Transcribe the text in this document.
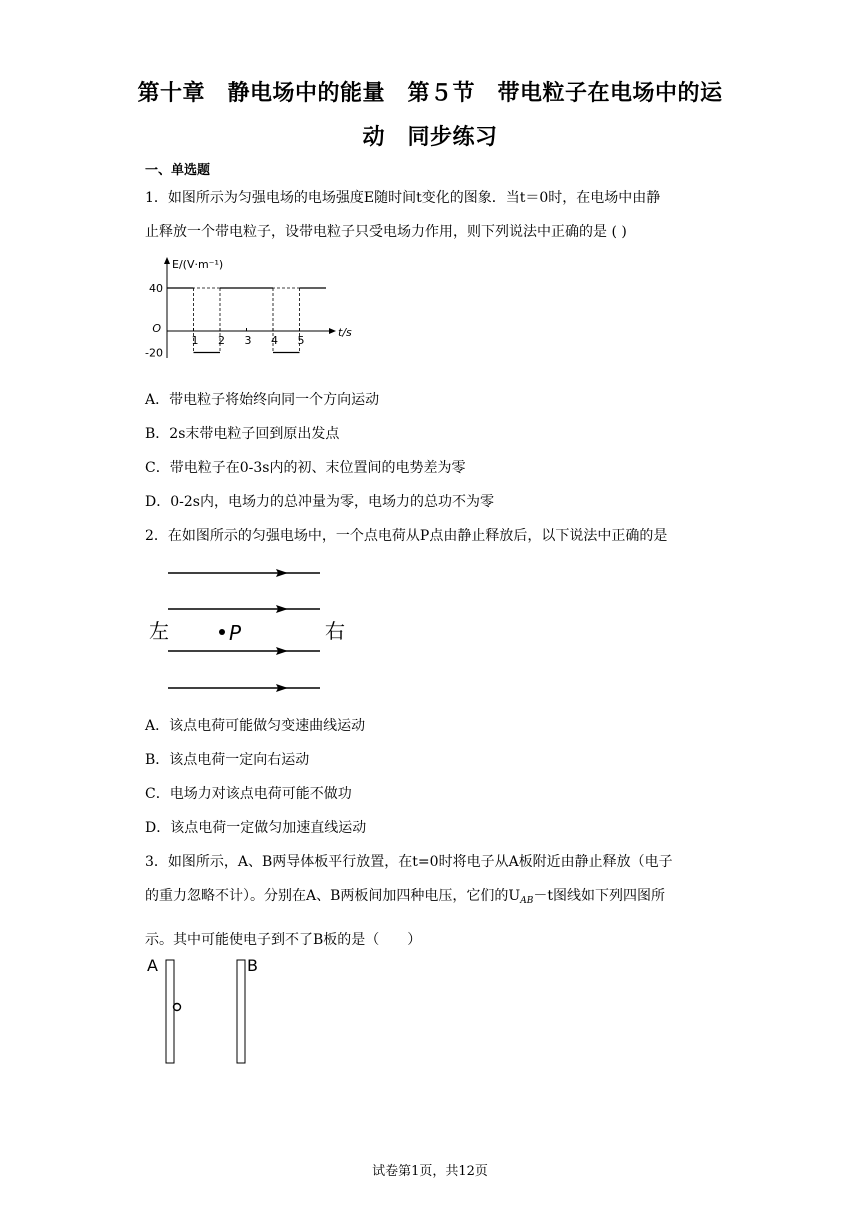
第十章　静电场中的能量　第５节　带电粒子在电场中的运
动　同步练习
一、单选题
1．如图所示为匀强电场的电场强度E随时间t变化的图象．当t＝0时，在电场中由静
止释放一个带电粒子，设带电粒子只受电场力作用，则下列说法中正确的是 ( )
1 2 3 4 5
40
-20
O
E/(V·m⁻¹)
t/s
A．带电粒子将始终向同一个方向运动
B．2s末带电粒子回到原出发点
C．带电粒子在0-3s内的初、末位置间的电势差为零
D．0-2s内，电场力的总冲量为零，电场力的总功不为零
2．在如图所示的匀强电场中，一个点电荷从P点由静止释放后，以下说法中正确的是
左	P	右
A．该点电荷可能做匀变速曲线运动
B．该点电荷一定向右运动
C．电场力对该点电荷可能不做功
D．该点电荷一定做匀加速直线运动
3．如图所示，A、B两导体板平行放置，在t=0时将电子从A板附近由静止释放（电子
的重力忽略不计）。分别在A、B两板间加四种电压，它们的$U_{AB}-t$图线如下列四图所
示。其中可能使电子到不了B板的是（　　）
A	B
试卷第1页，共12页
